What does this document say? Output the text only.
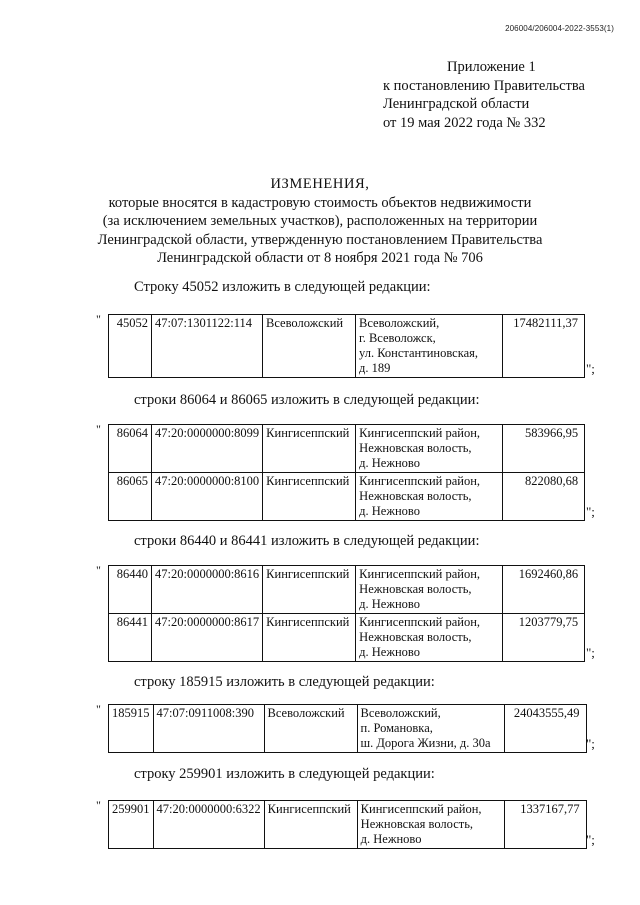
206004/206004-2022-3553(1)
Приложение 1
к постановлению Правительства
Ленинградской области
от 19 мая 2022 года № 332
ИЗМЕНЕНИЯ,
которые вносятся в кадастровую стоимость объектов недвижимости
(за исключением земельных участков), расположенных на территории
Ленинградской области, утвержденную постановлением Правительства
Ленинградской области от 8 ноября 2021 года № 706
Строку 45052 изложить в следующей редакции:
" 45052	47:07:1301122:114	Всеволожский	Всеволожский,
г. Всеволожск,
ул. Константиновская,
д. 189
	17482111,37
";
строки 86064 и 86065 изложить в следующей редакции:
" 86064	47:20:0000000:8099	Кингисеппский	Кингисеппский район,
Нежновская волость,
д. Нежново	583966,95
86065	47:20:0000000:8100	Кингисеппский	Кингисеппский район,
Нежновская волость,
д. Нежново	822080,68
";
строки 86440 и 86441 изложить в следующей редакции:
" 86440	47:20:0000000:8616	Кингисеппский	Кингисеппский район,
Нежновская волость,
д. Нежново	1692460,86
86441	47:20:0000000:8617	Кингисеппский	Кингисеппский район,
Нежновская волость,
д. Нежново	1203779,75
";
строку 185915 изложить в следующей редакции:
" 185915	47:07:0911008:390	Всеволожский	Всеволожский,
п. Романовка,
ш. Дорога Жизни, д. 30а
	24043555,49
";
строку 259901 изложить в следующей редакции:
" 259901	47:20:0000000:6322	Кингисеппский	Кингисеппский район,
Нежновская волость,
д. Нежново
	1337167,77
";
